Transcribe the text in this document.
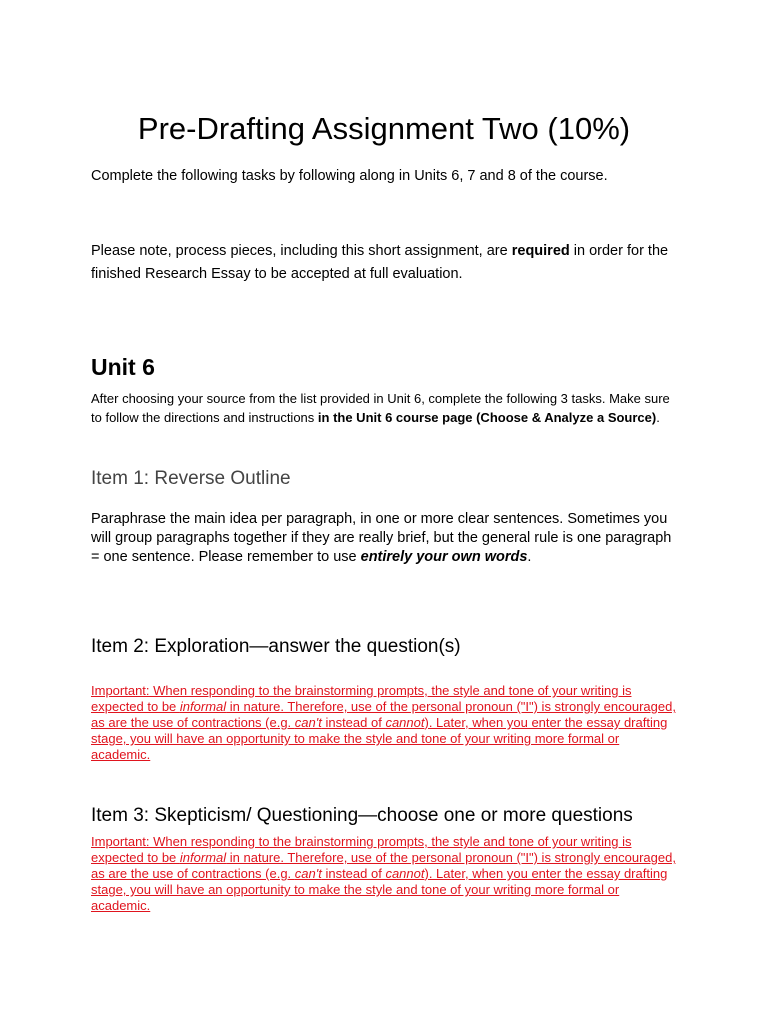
Pre-Drafting Assignment Two (10%)

Complete the following tasks by following along in Units 6, 7 and 8 of the course.

Please note, process pieces, including this short assignment, are required in order for the finished Research Essay to be accepted at full evaluation.

Unit 6

After choosing your source from the list provided in Unit 6, complete the following 3 tasks. Make sure to follow the directions and instructions in the Unit 6 course page (Choose & Analyze a Source).

Item 1: Reverse Outline

Paraphrase the main idea per paragraph, in one or more clear sentences. Sometimes you will group paragraphs together if they are really brief, but the general rule is one paragraph = one sentence. Please remember to use entirely your own words.

Item 2: Exploration—answer the question(s)

Important: When responding to the brainstorming prompts, the style and tone of your writing is expected to be informal in nature. Therefore, use of the personal pronoun ("I") is strongly encouraged, as are the use of contractions (e.g. can't instead of cannot). Later, when you enter the essay drafting stage, you will have an opportunity to make the style and tone of your writing more formal or academic.

Item 3: Skepticism/ Questioning—choose one or more questions

Important: When responding to the brainstorming prompts, the style and tone of your writing is expected to be informal in nature. Therefore, use of the personal pronoun ("I") is strongly encouraged, as are the use of contractions (e.g. can't instead of cannot). Later, when you enter the essay drafting stage, you will have an opportunity to make the style and tone of your writing more formal or academic.
